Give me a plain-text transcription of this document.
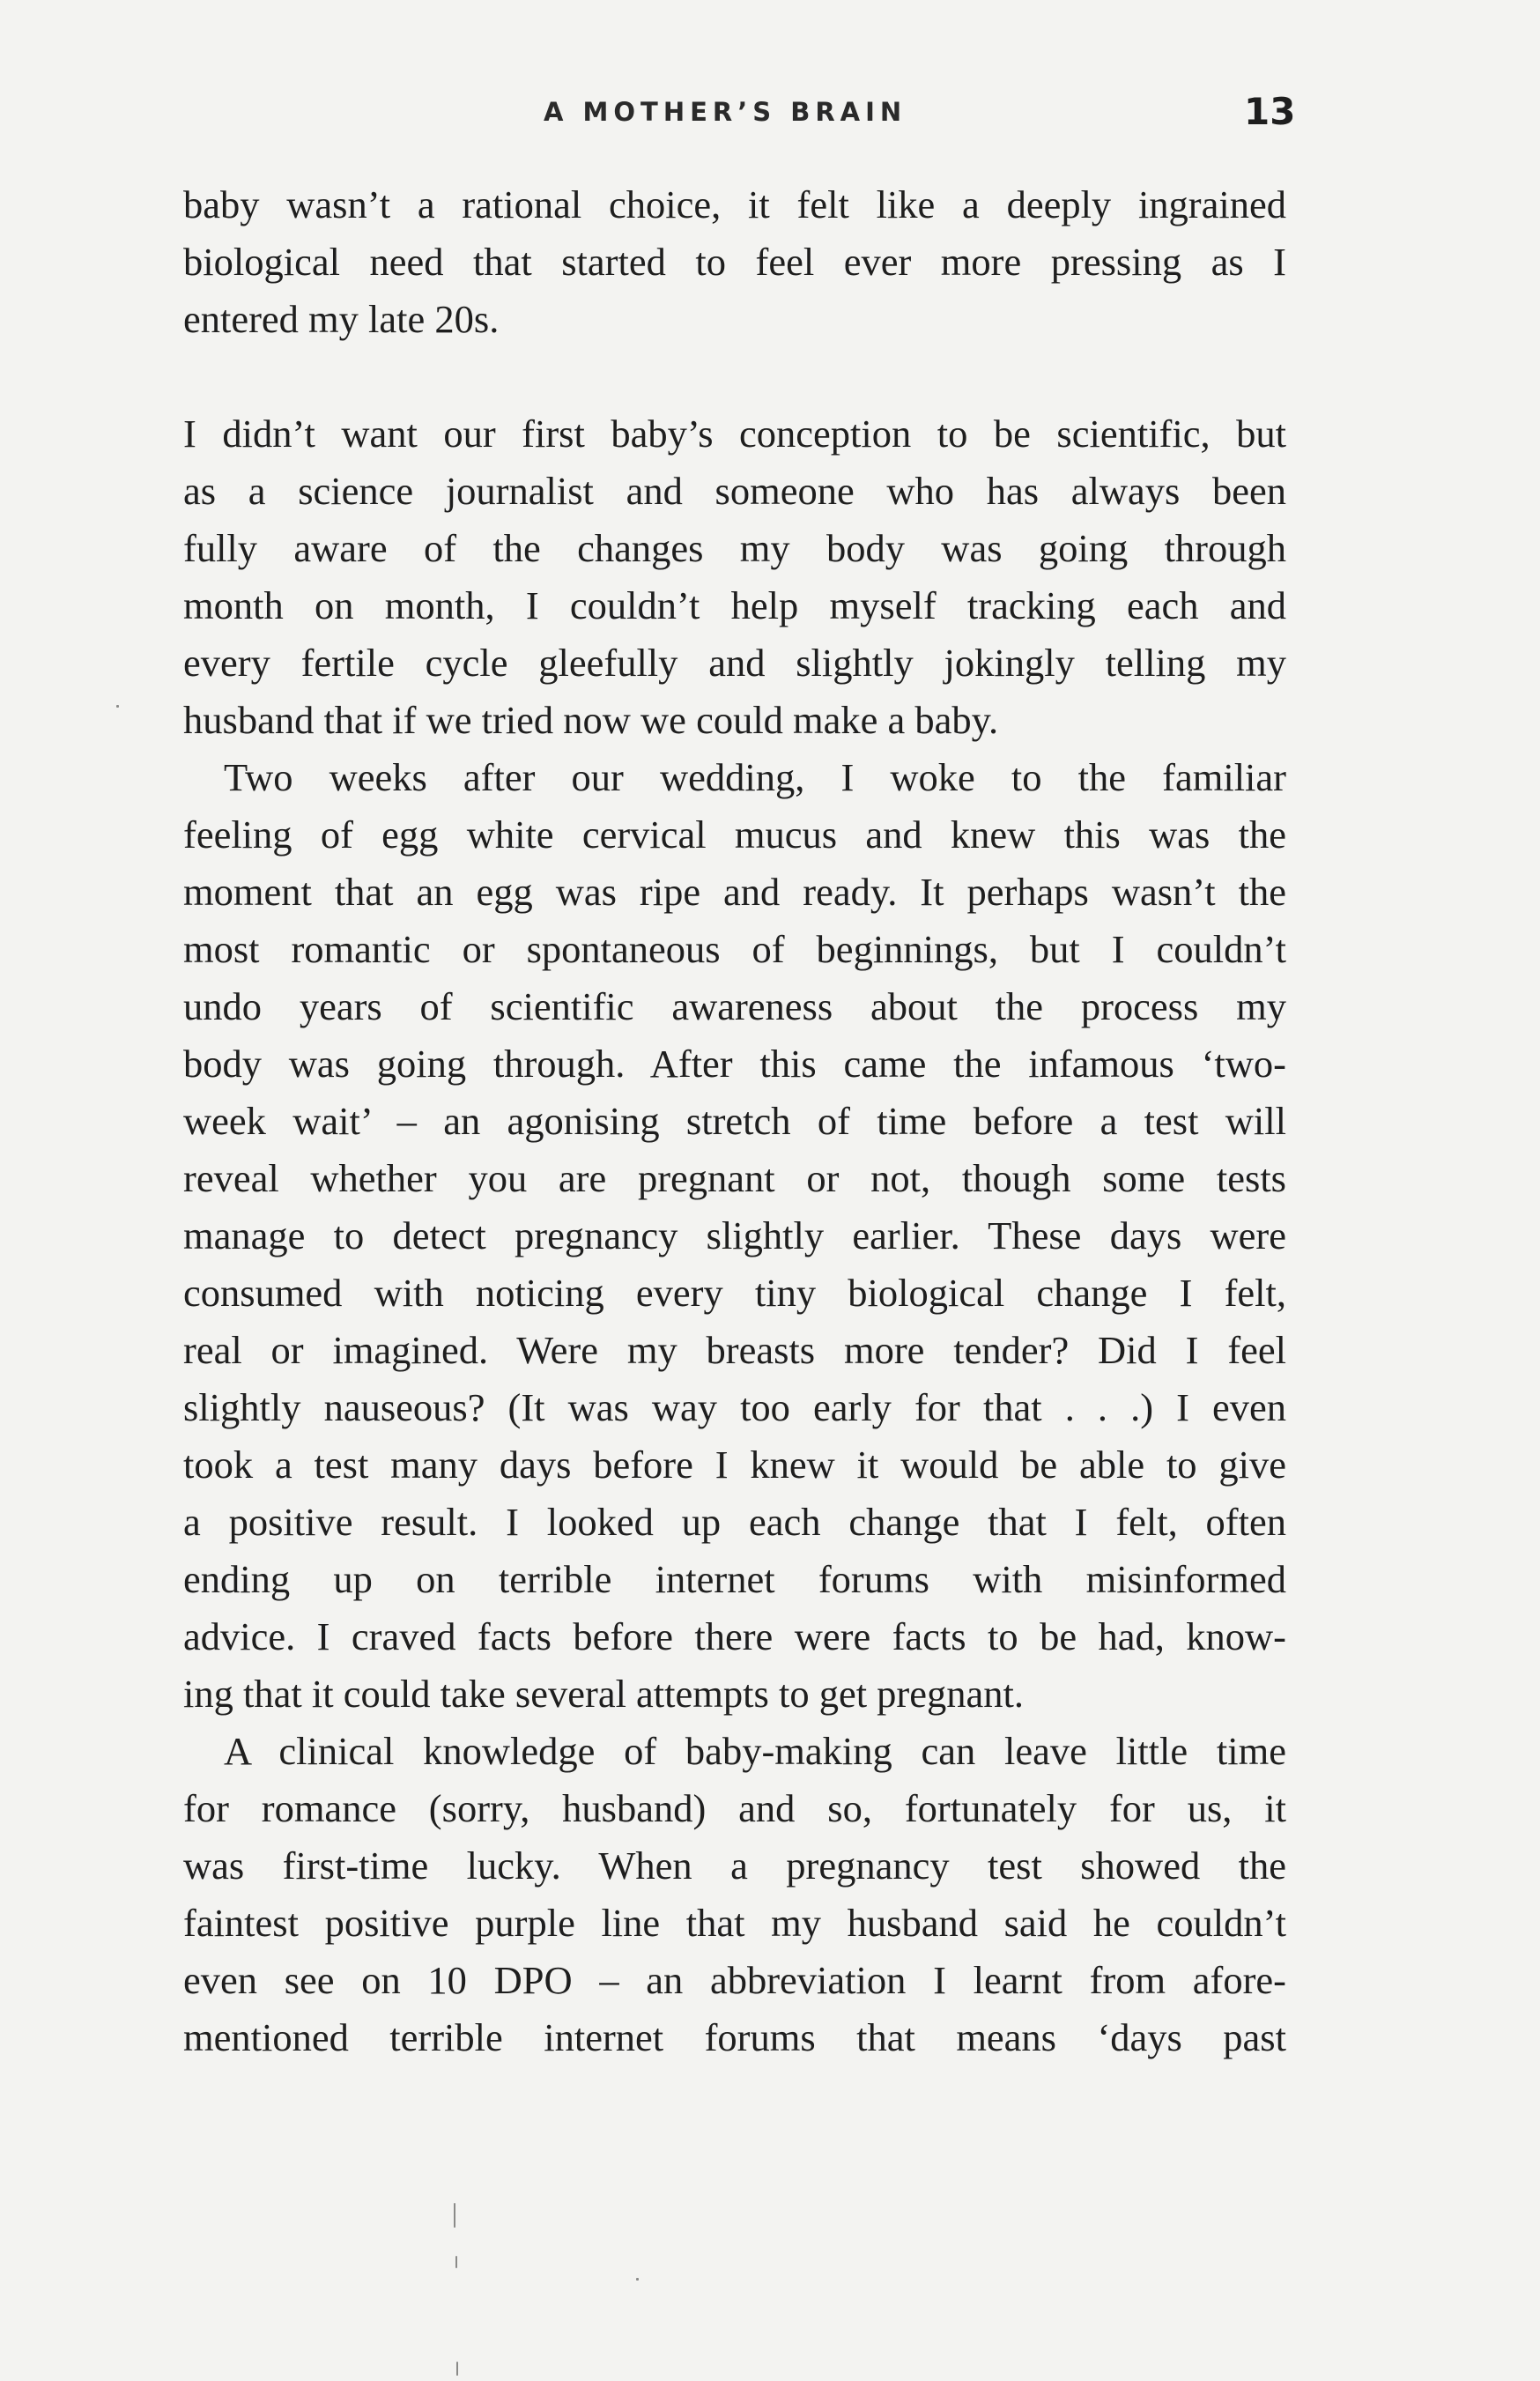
A MOTHER’S BRAIN	13
baby wasn’t a rational choice, it felt like a deeply ingrained
biological need that started to feel ever more pressing as I
entered my late 20s.
I didn’t want our first baby’s conception to be scientific, but
as a science journalist and someone who has always been
fully aware of the changes my body was going through
month on month, I couldn’t help myself tracking each and
every fertile cycle gleefully and slightly jokingly telling my
husband that if we tried now we could make a baby.
Two weeks after our wedding, I woke to the familiar
feeling of egg white cervical mucus and knew this was the
moment that an egg was ripe and ready. It perhaps wasn’t the
most romantic or spontaneous of beginnings, but I couldn’t
undo years of scientific awareness about the process my
body was going through. After this came the infamous ‘two-
week wait’ – an agonising stretch of time before a test will
reveal whether you are pregnant or not, though some tests
manage to detect pregnancy slightly earlier. These days were
consumed with noticing every tiny biological change I felt,
real or imagined. Were my breasts more tender? Did I feel
slightly nauseous? (It was way too early for that . . .) I even
took a test many days before I knew it would be able to give
a positive result. I looked up each change that I felt, often
ending up on terrible internet forums with misinformed
advice. I craved facts before there were facts to be had, know-
ing that it could take several attempts to get pregnant.
A clinical knowledge of baby-making can leave little time
for romance (sorry, husband) and so, fortunately for us, it
was first-time lucky. When a pregnancy test showed the
faintest positive purple line that my husband said he couldn’t
even see on 10 DPO – an abbreviation I learnt from afore-
mentioned terrible internet forums that means ‘days past
